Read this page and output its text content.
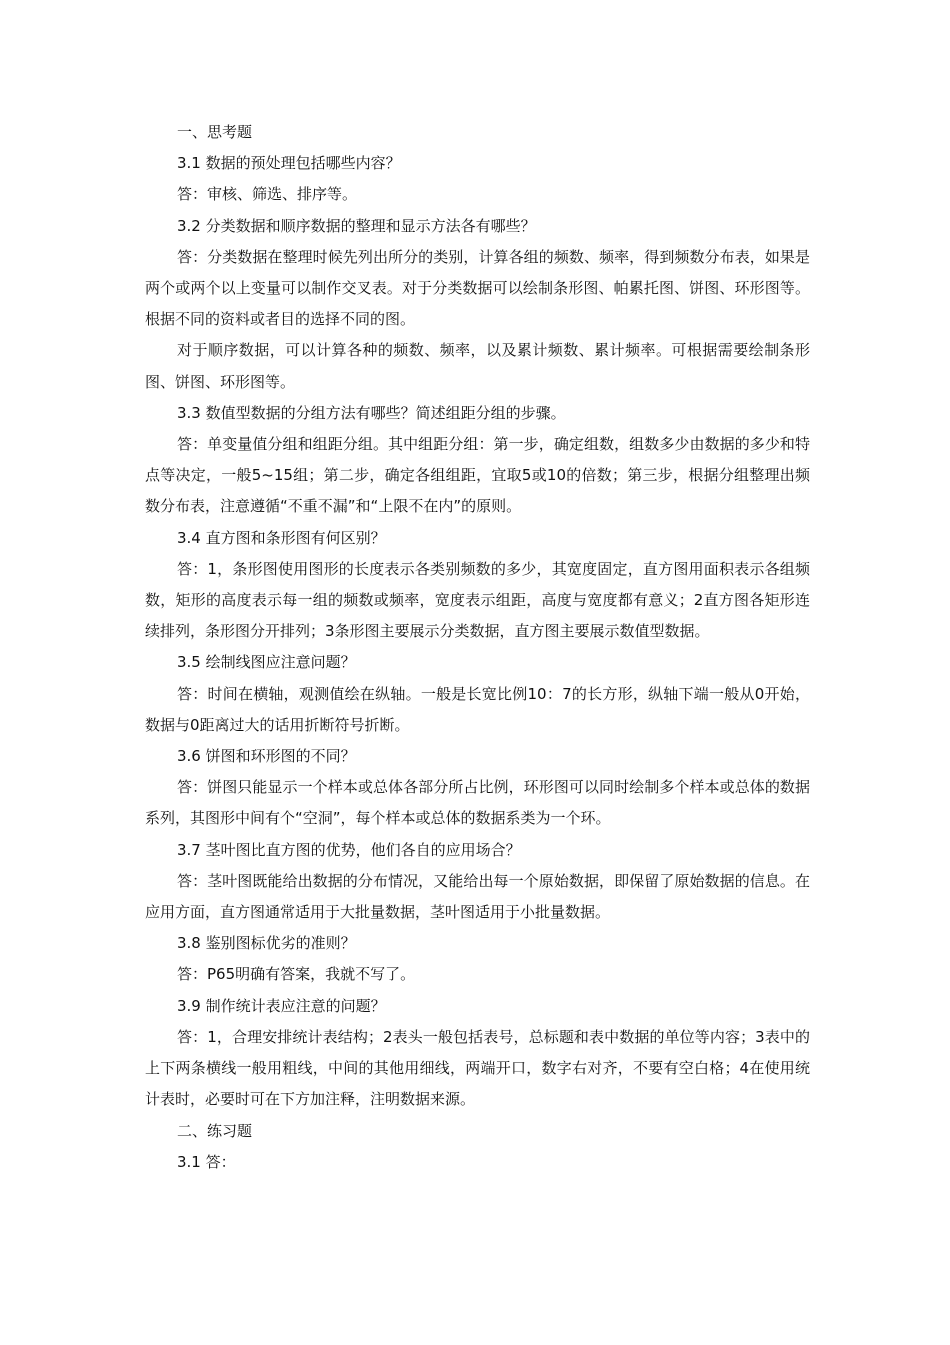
一、思考题

3.1 数据的预处理包括哪些内容？

答：审核、筛选、排序等。

3.2 分类数据和顺序数据的整理和显示方法各有哪些？

答：分类数据在整理时候先列出所分的类别，计算各组的频数、频率，得到频数分布表，如果是两个或两个以上变量可以制作交叉表。对于分类数据可以绘制条形图、帕累托图、饼图、环形图等。根据不同的资料或者目的选择不同的图。

对于顺序数据，可以计算各种的频数、频率，以及累计频数、累计频率。可根据需要绘制条形图、饼图、环形图等。

3.3 数值型数据的分组方法有哪些？简述组距分组的步骤。

答：单变量值分组和组距分组。其中组距分组：第一步，确定组数，组数多少由数据的多少和特点等决定，一般5~15组；第二步，确定各组组距，宜取5或10的倍数；第三步，根据分组整理出频数分布表，注意遵循“不重不漏”和“上限不在内”的原则。

3.4 直方图和条形图有何区别？

答：1，条形图使用图形的长度表示各类别频数的多少，其宽度固定，直方图用面积表示各组频数，矩形的高度表示每一组的频数或频率，宽度表示组距，高度与宽度都有意义；2直方图各矩形连续排列，条形图分开排列；3条形图主要展示分类数据，直方图主要展示数值型数据。

3.5 绘制线图应注意问题？

答：时间在横轴，观测值绘在纵轴。一般是长宽比例10：7的长方形，纵轴下端一般从0开始，数据与0距离过大的话用折断符号折断。

3.6 饼图和环形图的不同？

答：饼图只能显示一个样本或总体各部分所占比例，环形图可以同时绘制多个样本或总体的数据系列，其图形中间有个“空洞”，每个样本或总体的数据系类为一个环。

3.7 茎叶图比直方图的优势，他们各自的应用场合？

答：茎叶图既能给出数据的分布情况，又能给出每一个原始数据，即保留了原始数据的信息。在应用方面，直方图通常适用于大批量数据，茎叶图适用于小批量数据。

3.8 鉴别图标优劣的准则？

答：P65明确有答案，我就不写了。

3.9 制作统计表应注意的问题？

答：1，合理安排统计表结构；2表头一般包括表号，总标题和表中数据的单位等内容；3表中的上下两条横线一般用粗线，中间的其他用细线，两端开口，数字右对齐，不要有空白格；4在使用统计表时，必要时可在下方加注释，注明数据来源。

二、练习题

3.1 答：
